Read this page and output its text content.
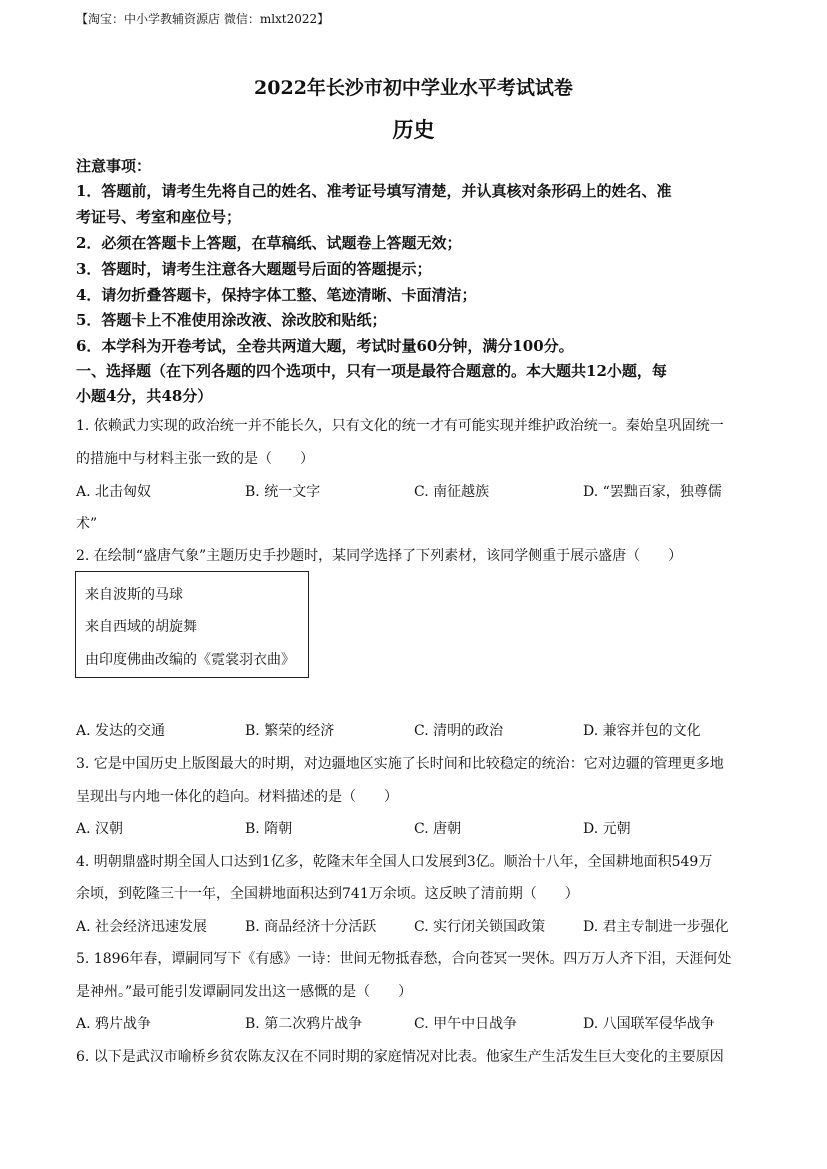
【淘宝：中小学教辅资源店 微信：mlxt2022】
2022年长沙市初中学业水平考试试卷
历史
注意事项：
1．答题前，请考生先将自己的姓名、准考证号填写清楚，并认真核对条形码上的姓名、准
考证号、考室和座位号；
2．必须在答题卡上答题，在草稿纸、试题卷上答题无效；
3．答题时，请考生注意各大题题号后面的答题提示；
4．请勿折叠答题卡，保持字体工整、笔迹清晰、卡面清洁；
5．答题卡上不准使用涂改液、涂改胶和贴纸；
6．本学科为开卷考试，全卷共两道大题，考试时量60分钟，满分100分。
一、选择题（在下列各题的四个选项中，只有一项是最符合题意的。本大题共12小题，每
小题4分，共48分）
1. 依赖武力实现的政治统一并不能长久，只有文化的统一才有可能实现并维护政治统一。秦始皇巩固统一
的措施中与材料主张一致的是（　　）
A. 北击匈奴	B. 统一文字	C. 南征越族	D. “罢黜百家，独尊儒
术”
2. 在绘制“盛唐气象”主题历史手抄题时，某同学选择了下列素材，该同学侧重于展示盛唐（　　）
来自波斯的马球
来自西域的胡旋舞
由印度佛曲改编的《霓裳羽衣曲》
A. 发达的交通	B. 繁荣的经济	C. 清明的政治	D. 兼容并包的文化
3. 它是中国历史上版图最大的时期，对边疆地区实施了长时间和比较稳定的统治：它对边疆的管理更多地
呈现出与内地一体化的趋向。材料描述的是（　　）
A. 汉朝	B. 隋朝	C. 唐朝	D. 元朝
4. 明朝鼎盛时期全国人口达到1亿多，乾隆末年全国人口发展到3亿。顺治十八年，全国耕地面积549万
余顷，到乾隆三十一年，全国耕地面积达到741万余顷。这反映了清前期（　　）
A. 社会经济迅速发展	B. 商品经济十分活跃	C. 实行闭关锁国政策	D. 君主专制进一步强化
5. 1896年春，谭嗣同写下《有感》一诗：世间无物抵春愁，合向苍冥一哭休。四万万人齐下泪，天涯何处
是神州。”最可能引发谭嗣同发出这一感慨的是（　　）
A. 鸦片战争	B. 第二次鸦片战争	C. 甲午中日战争	D. 八国联军侵华战争
6. 以下是武汉市喻桥乡贫农陈友汉在不同时期的家庭情况对比表。他家生产生活发生巨大变化的主要原因
